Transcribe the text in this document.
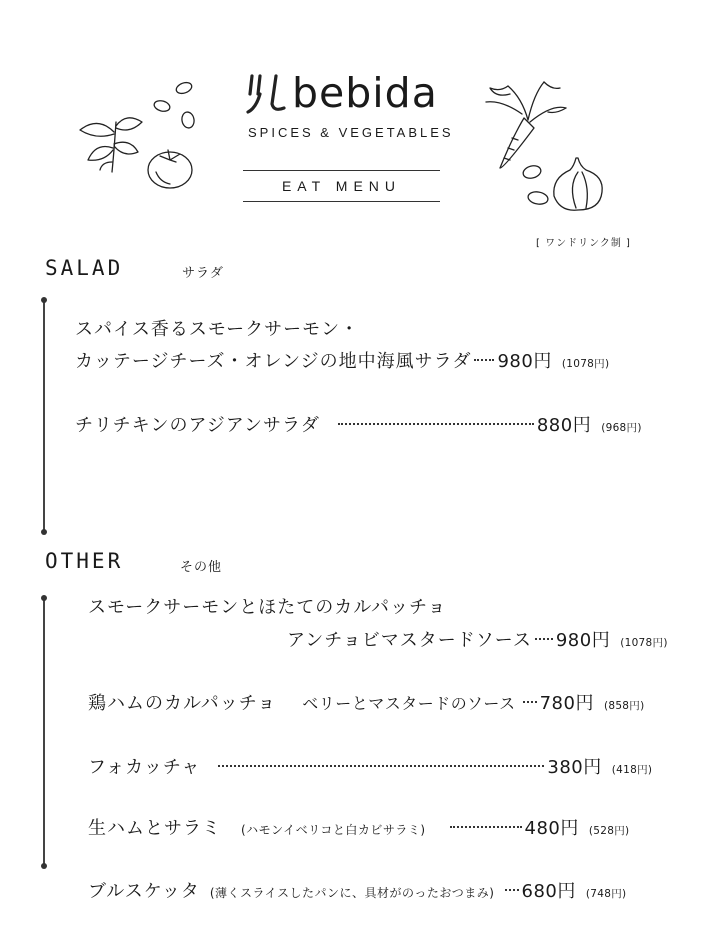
bebida
SPICES & VEGETABLES
EAT MENU
[ ワンドリンク制 ]
SALAD	サラダ
スパイス香るスモークサーモン・
カッテージチーズ・オレンジの地中海風サラダ 980円 (1078円)
チリチキンのアジアンサラダ	880円 (968円)
OTHER	その他
スモークサーモンとほたてのカルパッチョ
アンチョビマスタードソース 980円 (1078円)
鶏ハムのカルパッチョ ベリーとマスタードのソース 780円 (858円)
フォカッチャ	380円 (418円)
生ハムとサラミ (ハモンイベリコと白カビサラミ)	480円 (528円)
ブルスケッタ (薄くスライスしたパンに、具材がのったおつまみ) 680円 (748円)
